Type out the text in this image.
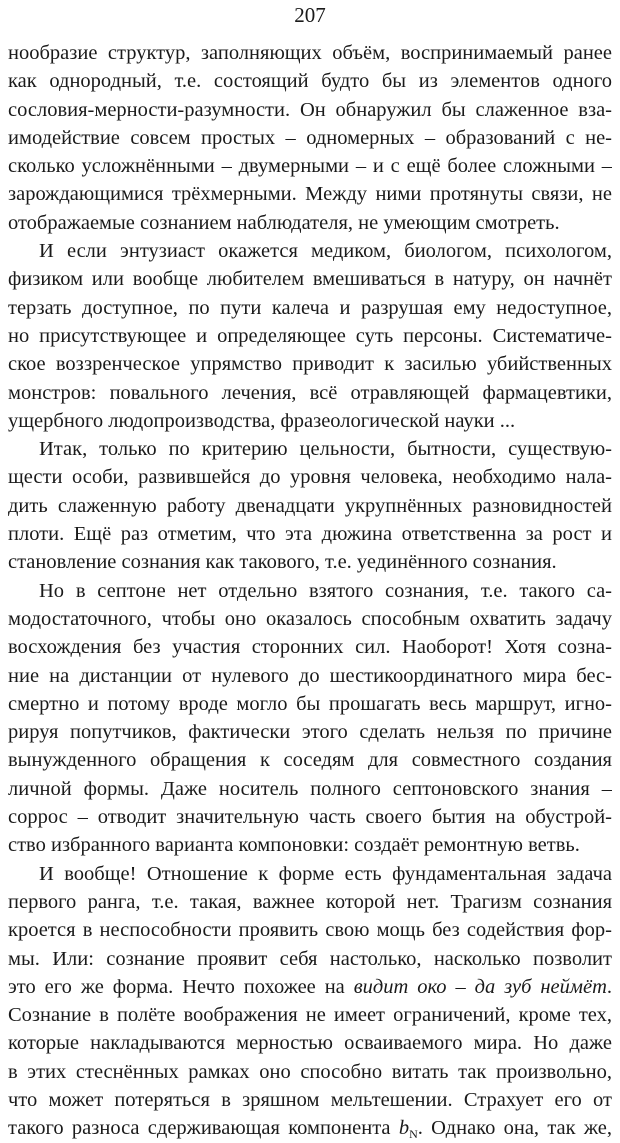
207
нообразие структур, заполняющих объём, воспринимаемый ранее
как однородный, т.е. состоящий будто бы из элементов одного
сословия-мерности-разумности. Он обнаружил бы слаженное вза-
имодействие совсем простых – одномерных – образований с не-
сколько усложнёнными – двумерными – и с ещё более сложными –
зарождающимися трёхмерными. Между ними протянуты связи, не
отображаемые сознанием наблюдателя, не умеющим смотреть.
И если энтузиаст окажется медиком, биологом, психологом,
физиком или вообще любителем вмешиваться в натуру, он начнёт
терзать доступное, по пути калеча и разрушая ему недоступное,
но присутствующее и определяющее суть персоны. Систематиче-
ское воззренческое упрямство приводит к засилью убийственных
монстров: повального лечения, всё отравляющей фармацевтики,
ущербного людопроизводства, фразеологической науки ...
Итак, только по критерию цельности, бытности, существую-
щести особи, развившейся до уровня человека, необходимо нала-
дить слаженную работу двенадцати укрупнённых разновидностей
плоти. Ещё раз отметим, что эта дюжина ответственна за рост и
становление сознания как такового, т.е. уединённого сознания.
Но в септоне нет отдельно взятого сознания, т.е. такого са-
модостаточного, чтобы оно оказалось способным охватить задачу
восхождения без участия сторонних сил. Наоборот! Хотя созна-
ние на дистанции от нулевого до шестикоординатного мира бес-
смертно и потому вроде могло бы прошагать весь маршрут, игно-
рируя попутчиков, фактически этого сделать нельзя по причине
вынужденного обращения к соседям для совместного создания
личной формы. Даже носитель полного септоновского знания –
соррос – отводит значительную часть своего бытия на обустрой-
ство избранного варианта компоновки: создаёт ремонтную ветвь.
И вообще! Отношение к форме есть фундаментальная задача
первого ранга, т.е. такая, важнее которой нет. Трагизм сознания
кроется в неспособности проявить свою мощь без содействия фор-
мы. Или: сознание проявит себя настолько, насколько позволит
это его же форма. Нечто похожее на видит око – да зуб неймёт.
Сознание в полёте воображения не имеет ограничений, кроме тех,
которые накладываются мерностью осваиваемого мира. Но даже
в этих стеснённых рамках оно способно витать так произвольно,
что может потеряться в зряшном мельтешении. Страхует его от
такого разноса сдерживающая компонента $b_N$. Однако она, так же,
